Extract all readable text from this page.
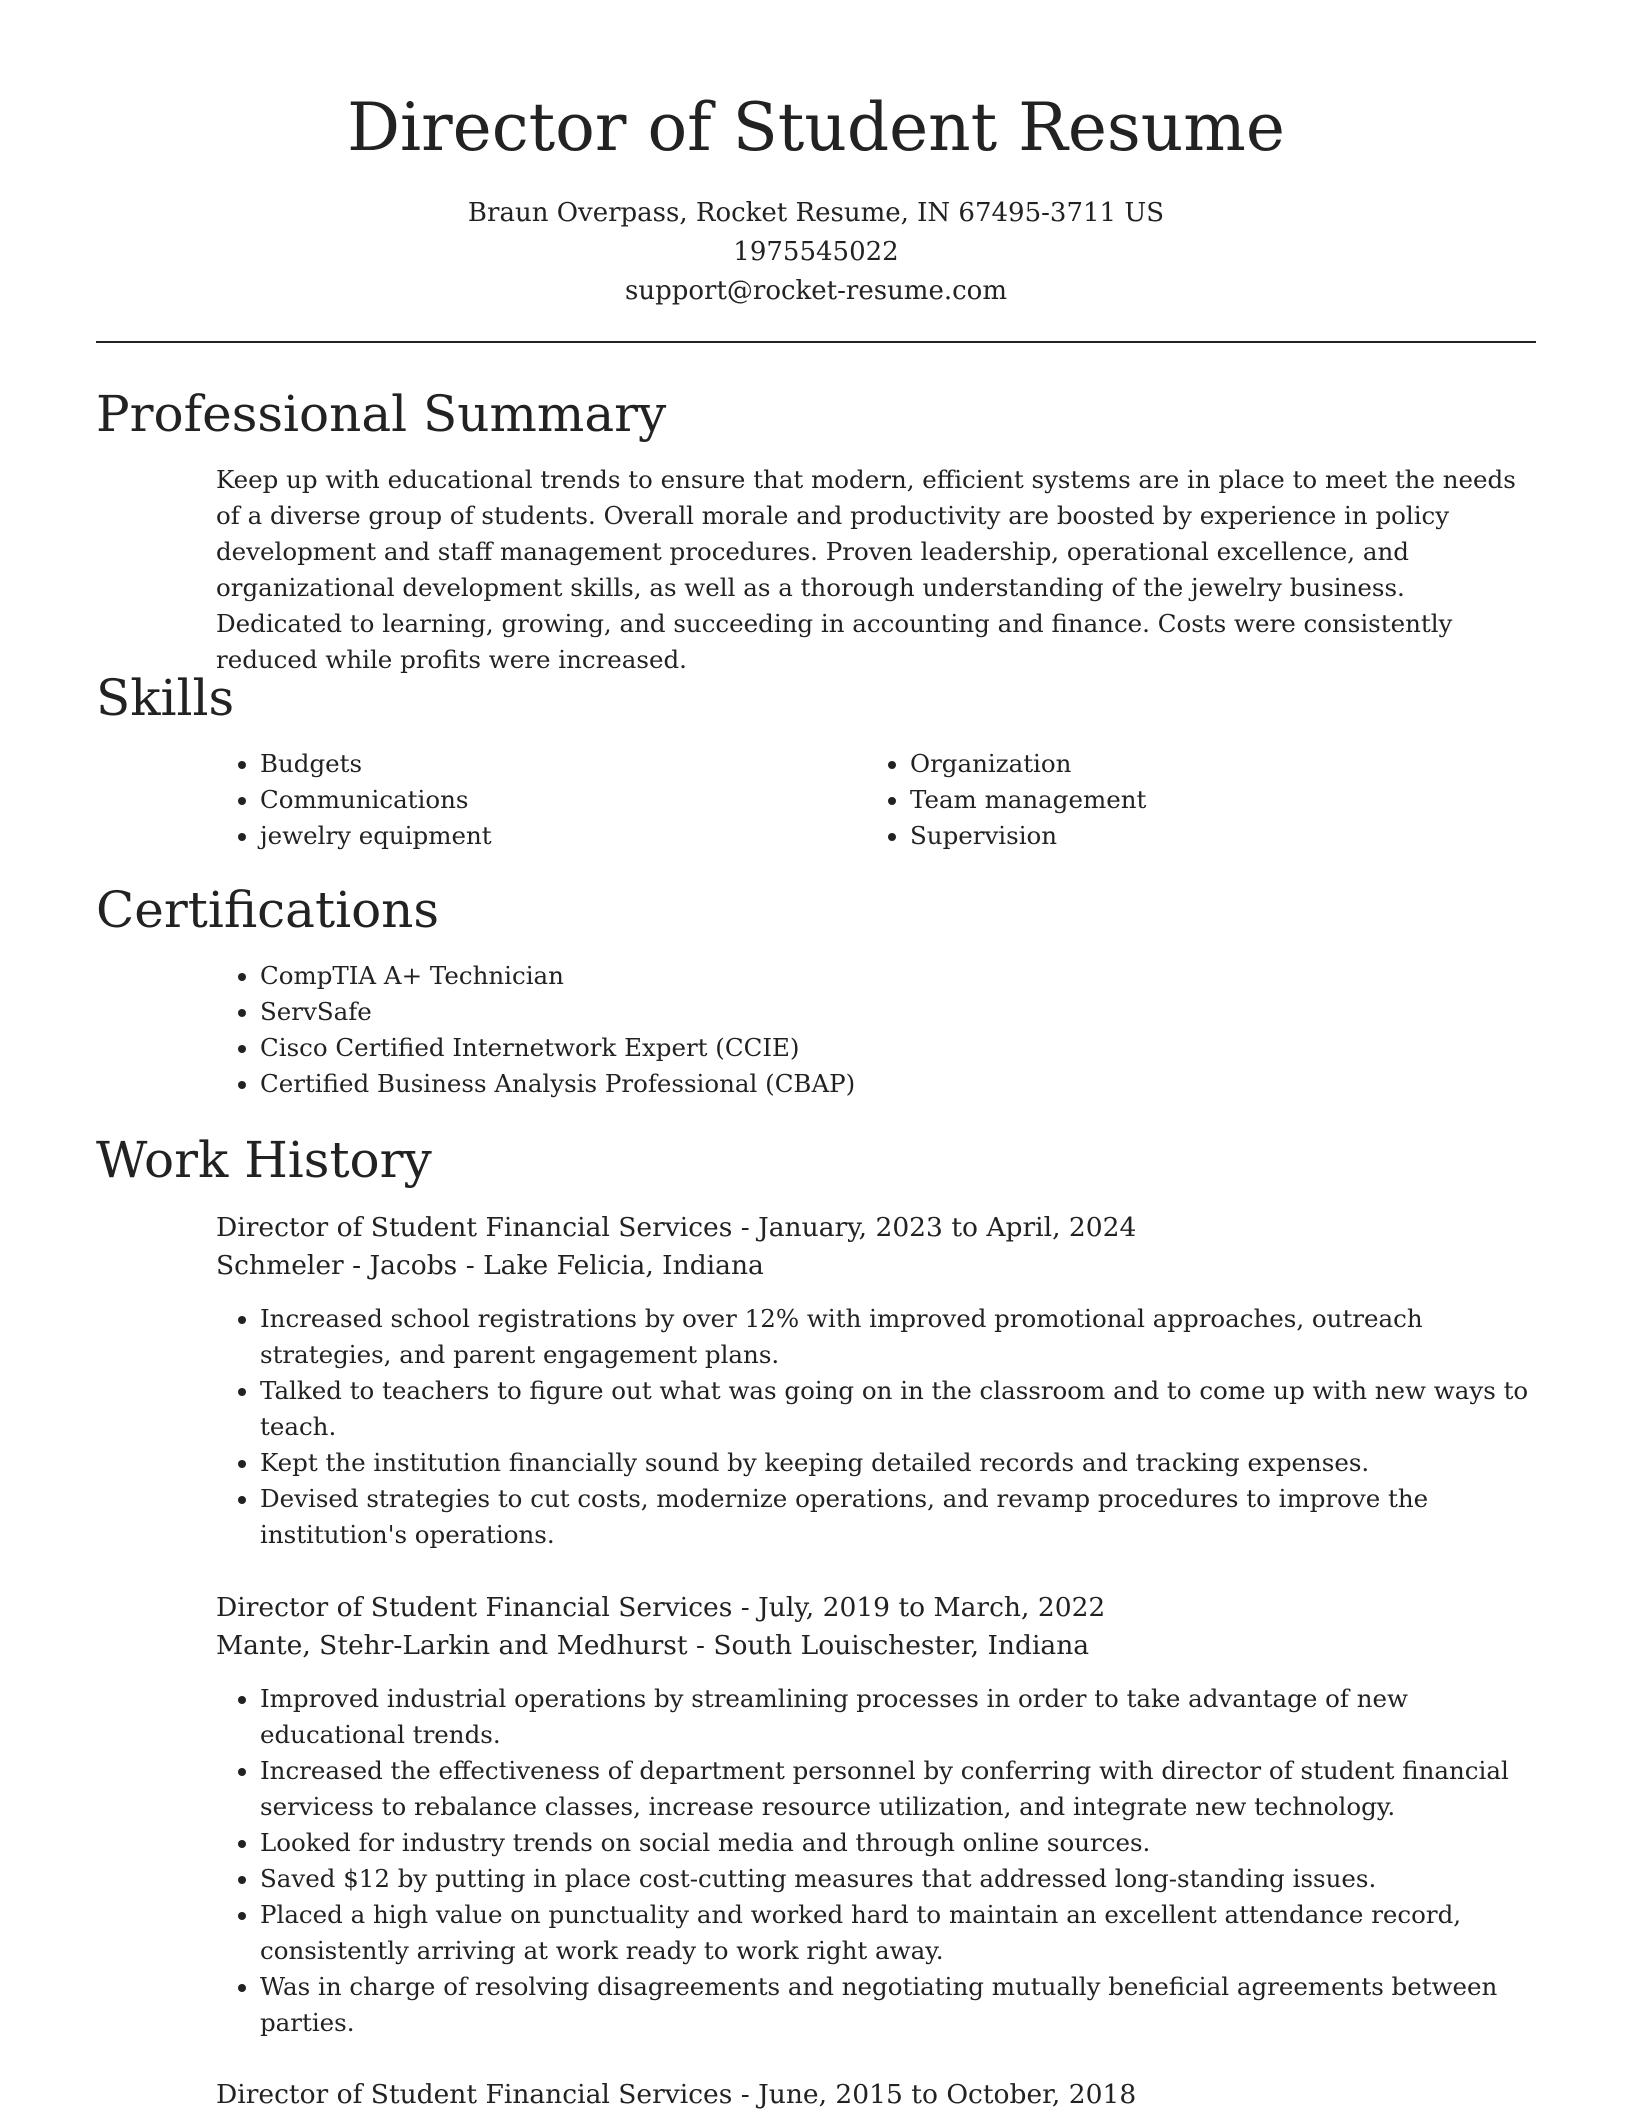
Director of Student Resume
Braun Overpass, Rocket Resume, IN 67495-3711 US
1975545022
support@rocket-resume.com
Professional Summary
Keep up with educational trends to ensure that modern, efficient systems are in place to meet the needs of a diverse group of students. Overall morale and productivity are boosted by experience in policy development and staff management procedures. Proven leadership, operational excellence, and organizational development skills, as well as a thorough understanding of the jewelry business. Dedicated to learning, growing, and succeeding in accounting and finance. Costs were consistently reduced while profits were increased.
Skills
• Budgets
• Communications
• jewelry equipment
• Organization
• Team management
• Supervision
Certifications
• CompTIA A+ Technician
• ServSafe
• Cisco Certified Internetwork Expert (CCIE)
• Certified Business Analysis Professional (CBAP)
Work History
Director of Student Financial Services - January, 2023 to April, 2024
Schmeler - Jacobs - Lake Felicia, Indiana
• Increased school registrations by over 12% with improved promotional approaches, outreach strategies, and parent engagement plans.
• Talked to teachers to figure out what was going on in the classroom and to come up with new ways to teach.
• Kept the institution financially sound by keeping detailed records and tracking expenses.
• Devised strategies to cut costs, modernize operations, and revamp procedures to improve the institution's operations.
Director of Student Financial Services - July, 2019 to March, 2022
Mante, Stehr-Larkin and Medhurst - South Louischester, Indiana
• Improved industrial operations by streamlining processes in order to take advantage of new educational trends.
• Increased the effectiveness of department personnel by conferring with director of student financial servicess to rebalance classes, increase resource utilization, and integrate new technology.
• Looked for industry trends on social media and through online sources.
• Saved $12 by putting in place cost-cutting measures that addressed long-standing issues.
• Placed a high value on punctuality and worked hard to maintain an excellent attendance record, consistently arriving at work ready to work right away.
• Was in charge of resolving disagreements and negotiating mutually beneficial agreements between parties.
Director of Student Financial Services - June, 2015 to October, 2018
